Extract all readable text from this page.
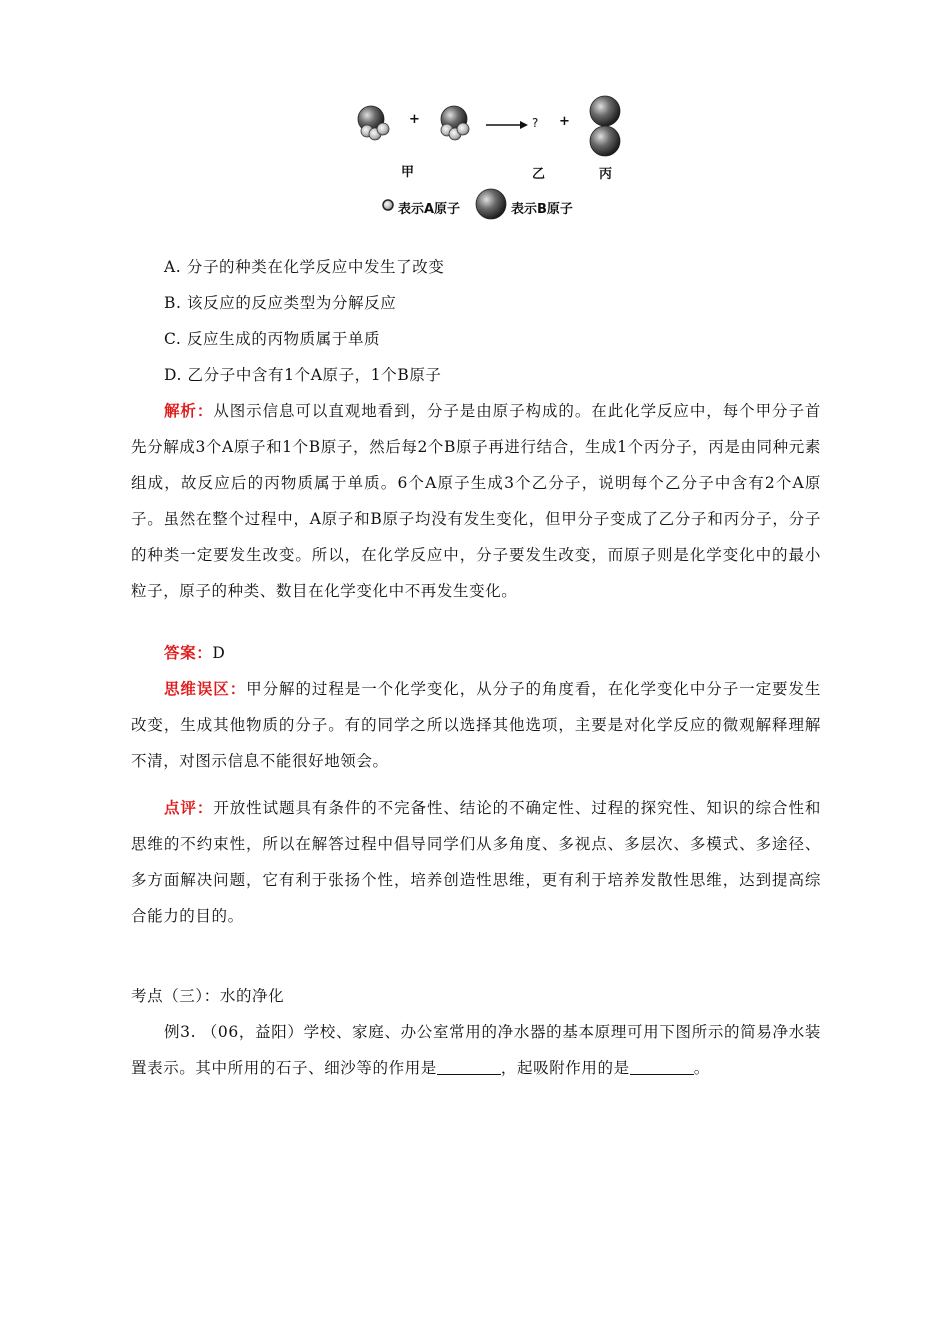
+	? +
甲	乙	丙
表示A原子	表示B原子
A. 分子的种类在化学反应中发生了改变
B. 该反应的反应类型为分解反应
C. 反应生成的丙物质属于单质
D. 乙分子中含有1个A原子，1个B原子

解析：从图示信息可以直观地看到，分子是由原子构成的。在此化学反应中，每个甲分子首先分解成3个A原子和1个B原子，然后每2个B原子再进行结合，生成1个丙分子，丙是由同种元素组成，故反应后的丙物质属于单质。6个A原子生成3个乙分子，说明每个乙分子中含有2个A原子。虽然在整个过程中，A原子和B原子均没有发生变化，但甲分子变成了乙分子和丙分子，分子的种类一定要发生改变。所以，在化学反应中，分子要发生改变，而原子则是化学变化中的最小粒子，原子的种类、数目在化学变化中不再发生变化。

答案：D

思维误区：甲分解的过程是一个化学变化，从分子的角度看，在化学变化中分子一定要发生改变，生成其他物质的分子。有的同学之所以选择其他选项，主要是对化学反应的微观解释理解不清，对图示信息不能很好地领会。

点评：开放性试题具有条件的不完备性、结论的不确定性、过程的探究性、知识的综合性和思维的不约束性，所以在解答过程中倡导同学们从多角度、多视点、多层次、多模式、多途径、多方面解决问题，它有利于张扬个性，培养创造性思维，更有利于培养发散性思维，达到提高综合能力的目的。

考点（三）：水的净化

例3. （06，益阳）学校、家庭、办公室常用的净水器的基本原理可用下图所示的简易净水装置表示。其中所用的石子、细沙等的作用是	，起吸附作用的是	。
